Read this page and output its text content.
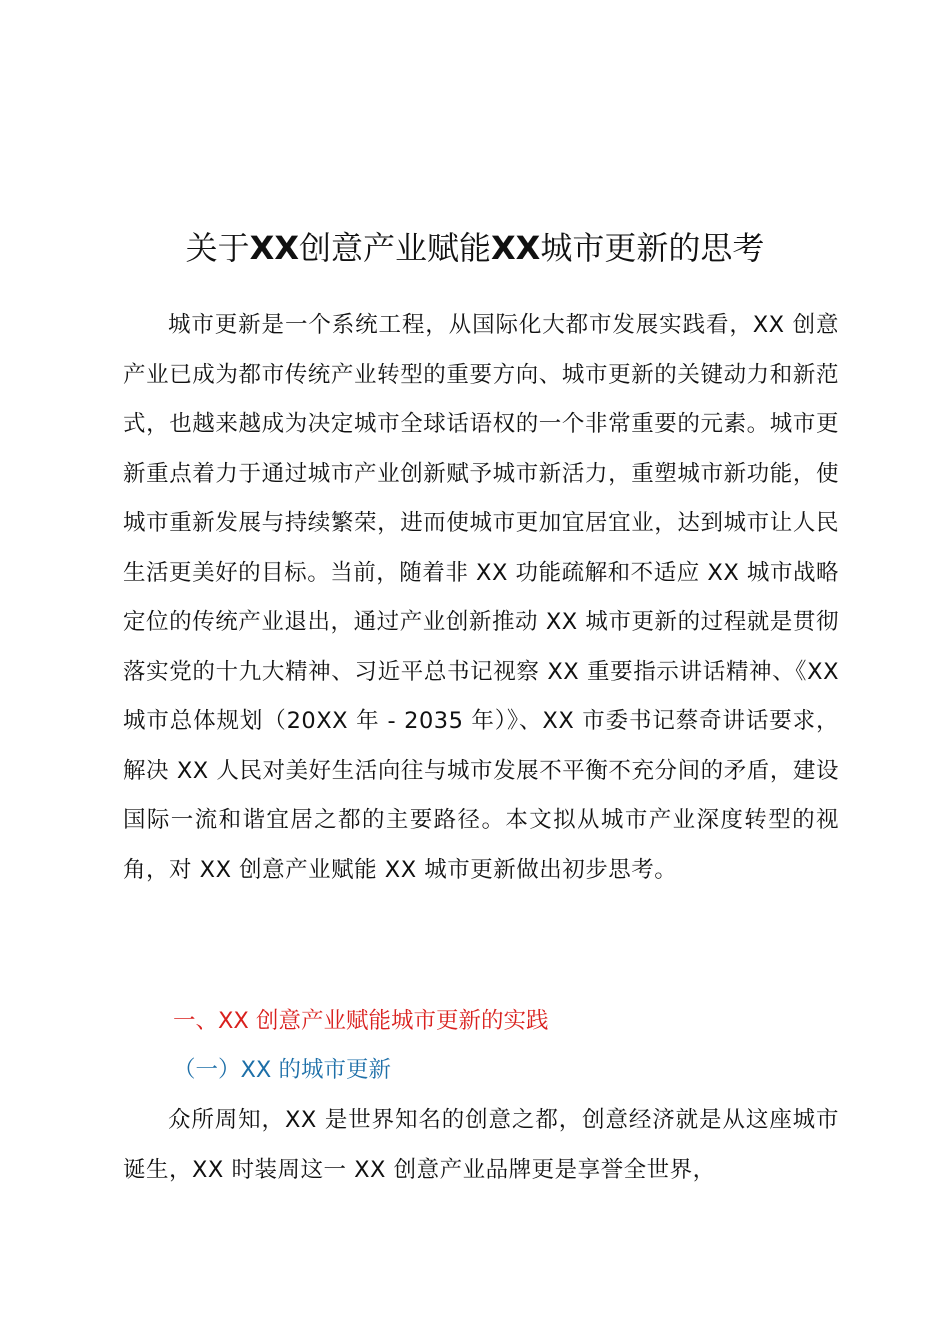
关于XX创意产业赋能XX城市更新的思考

城市更新是一个系统工程，从国际化大都市发展实践看，XX 创意产业已成为都市传统产业转型的重要方向、城市更新的关键动力和新范式，也越来越成为决定城市全球话语权的一个非常重要的元素。城市更新重点着力于通过城市产业创新赋予城市新活力，重塑城市新功能，使城市重新发展与持续繁荣，进而使城市更加宜居宜业，达到城市让人民生活更美好的目标。当前，随着非 XX 功能疏解和不适应 XX 城市战略定位的传统产业退出，通过产业创新推动 XX 城市更新的过程就是贯彻落实党的十九大精神、习近平总书记视察 XX 重要指示讲话精神、《XX 城市总体规划（20XX 年 - 2035 年）》、XX 市委书记蔡奇讲话要求，解决 XX 人民对美好生活向往与城市发展不平衡不充分间的矛盾，建设国际一流和谐宜居之都的主要路径。本文拟从城市产业深度转型的视角，对 XX 创意产业赋能 XX 城市更新做出初步思考。

一、XX 创意产业赋能城市更新的实践
（一）XX 的城市更新

众所周知，XX 是世界知名的创意之都，创意经济就是从这座城市诞生，XX 时装周这一 XX 创意产业品牌更是享誉全世界，
